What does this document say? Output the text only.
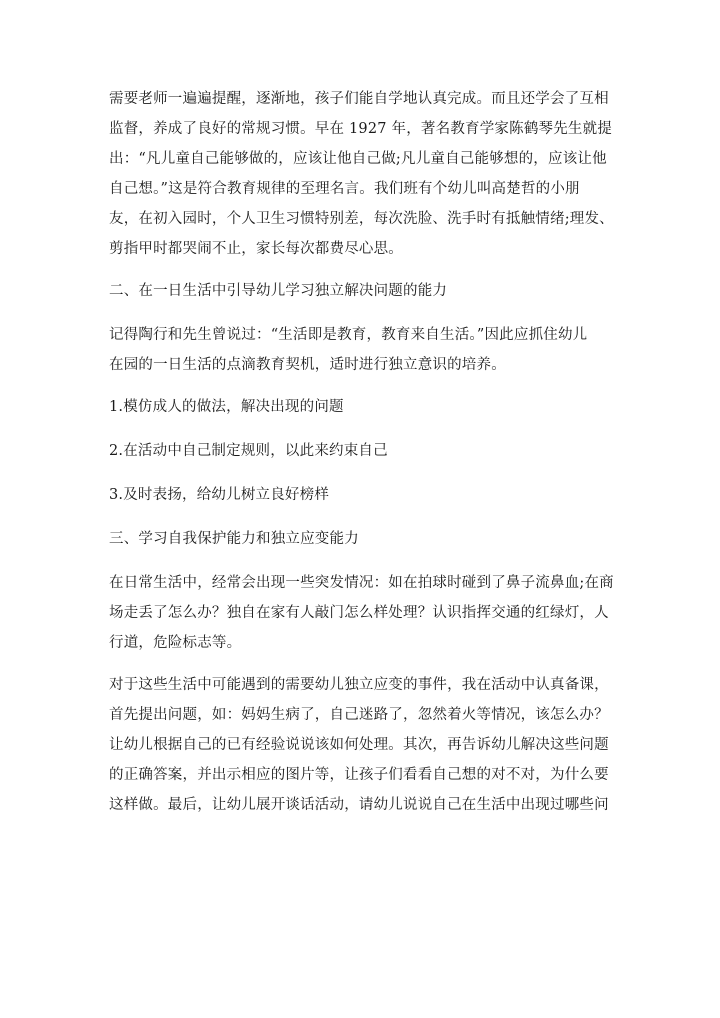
需要老师一遍遍提醒，逐渐地，孩子们能自学地认真完成。而且还学会了互相
监督，养成了良好的常规习惯。早在 1927 年，著名教育学家陈鹤琴先生就提
出：“凡儿童自己能够做的，应该让他自己做;凡儿童自己能够想的，应该让他
自己想。”这是符合教育规律的至理名言。我们班有个幼儿叫高楚哲的小朋
友，在初入园时，个人卫生习惯特别差，每次洗脸、洗手时有抵触情绪;理发、
剪指甲时都哭闹不止，家长每次都费尽心思。
二、在一日生活中引导幼儿学习独立解决问题的能力
记得陶行和先生曾说过：“生活即是教育，教育来自生活。”因此应抓住幼儿
在园的一日生活的点滴教育契机，适时进行独立意识的培养。
1.模仿成人的做法，解决出现的问题
2.在活动中自己制定规则，以此来约束自己
3.及时表扬，给幼儿树立良好榜样
三、学习自我保护能力和独立应变能力
在日常生活中，经常会出现一些突发情况：如在拍球时碰到了鼻子流鼻血;在商
场走丢了怎么办？独自在家有人敲门怎么样处理？认识指挥交通的红绿灯，人
行道，危险标志等。
对于这些生活中可能遇到的需要幼儿独立应变的事件，我在活动中认真备课，
首先提出问题，如：妈妈生病了，自己迷路了，忽然着火等情况，该怎么办？
让幼儿根据自己的已有经验说说该如何处理。其次，再告诉幼儿解决这些问题
的正确答案，并出示相应的图片等，让孩子们看看自己想的对不对，为什么要
这样做。最后，让幼儿展开谈话活动，请幼儿说说自己在生活中出现过哪些问
